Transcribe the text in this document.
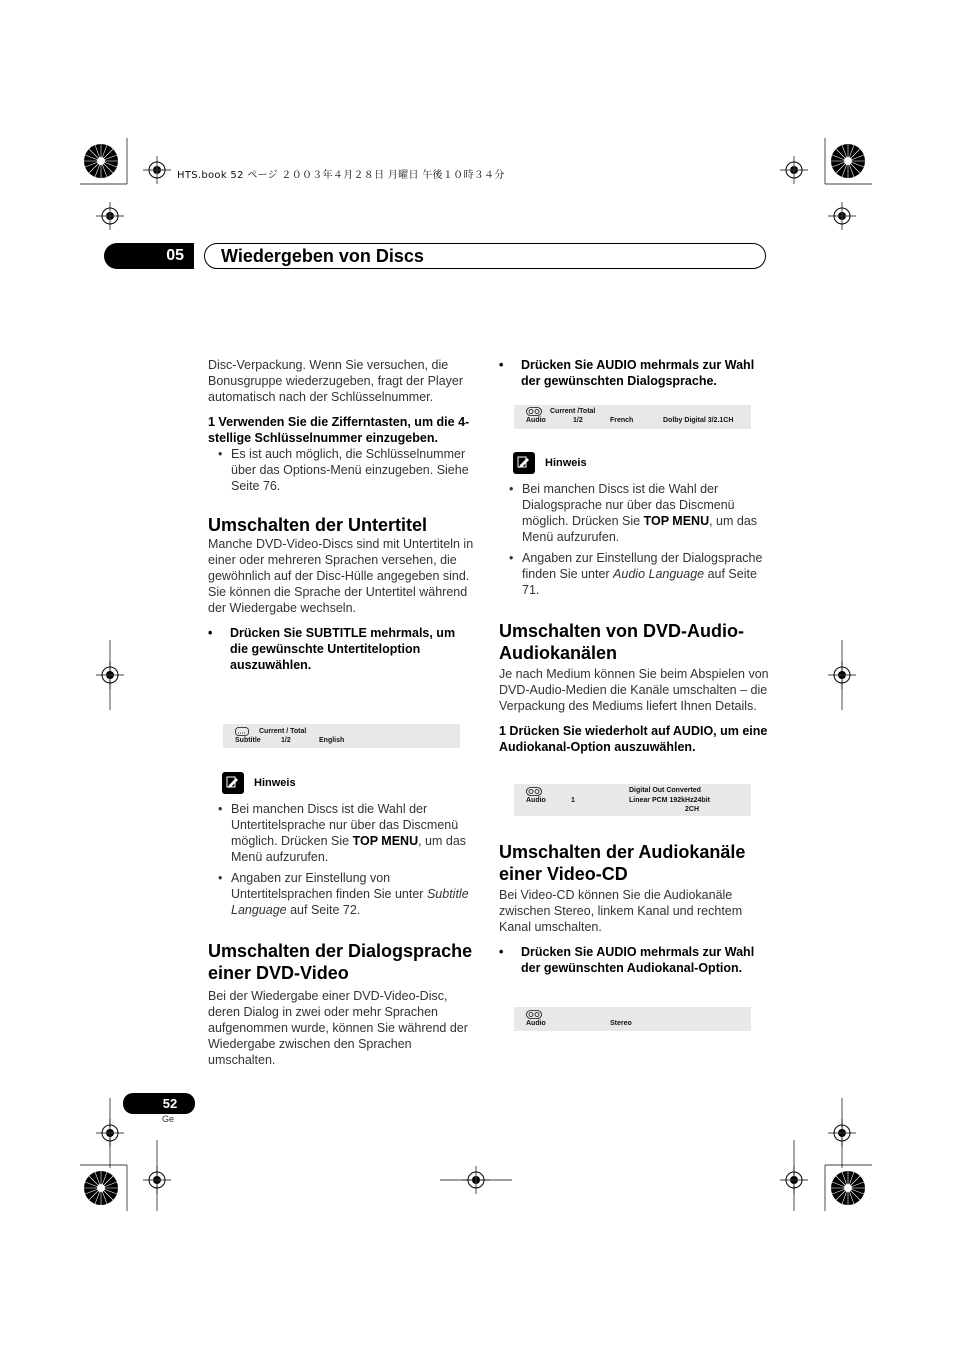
HTS.book 52 ページ ２００３年４月２８日 月曜日 午後１０時３４分
05	Wiedergeben von Discs

Disc-Verpackung. Wenn Sie versuchen, die Bonusgruppe wiederzugeben, fragt der Player automatisch nach der Schlüsselnummer.

1 Verwenden Sie die Zifferntasten, um die 4-stellige Schlüsselnummer einzugeben.

• Es ist auch möglich, die Schlüsselnummer über das Options-Menü einzugeben. Siehe Seite 76.

Umschalten der Untertitel

Manche DVD-Video-Discs sind mit Untertiteln in einer oder mehreren Sprachen versehen, die gewöhnlich auf der Disc-Hülle angegeben sind. Sie können die Sprache der Untertitel während der Wiedergabe wechseln.

• Drücken Sie SUBTITLE mehrmals, um die gewünschte Untertiteloption auszuwählen.

Current / Total
Subtitle	1/2	English
Hinweis

• Bei manchen Discs ist die Wahl der Untertitelsprache nur über das Discmenü möglich. Drücken Sie TOP MENU, um das Menü aufzurufen.

• Angaben zur Einstellung von Untertitelsprachen finden Sie unter Subtitle Language auf Seite 72.

Umschalten der Dialogsprache einer DVD-Video

Bei der Wiedergabe einer DVD-Video-Disc, deren Dialog in zwei oder mehr Sprachen aufgenommen wurde, können Sie während der Wiedergabe zwischen den Sprachen umschalten.

• Drücken Sie AUDIO mehrmals zur Wahl der gewünschten Dialogsprache.

Current /Total
Audio	1/2	French	Dolby Digital 3/2.1CH
Hinweis

• Bei manchen Discs ist die Wahl der Dialogsprache nur über das Discmenü möglich. Drücken Sie TOP MENU, um das Menü aufzurufen.

• Angaben zur Einstellung der Dialogsprache finden Sie unter Audio Language auf Seite 71.

Umschalten von DVD-Audio-Audiokanälen

Je nach Medium können Sie beim Abspielen von DVD-Audio-Medien die Kanäle umschalten – die Verpackung des Mediums liefert Ihnen Details.

1 Drücken Sie wiederholt auf AUDIO, um eine Audiokanal-Option auszuwählen.

Digital Out Converted
Audio	1	Linear PCM 192kHz24bit
2CH
Umschalten der Audiokanäle einer Video-CD

Bei Video-CD können Sie die Audiokanäle zwischen Stereo, linkem Kanal und rechtem Kanal umschalten.

• Drücken Sie AUDIO mehrmals zur Wahl der gewünschten Audiokanal-Option.

Audio	Stereo
52
Ge
